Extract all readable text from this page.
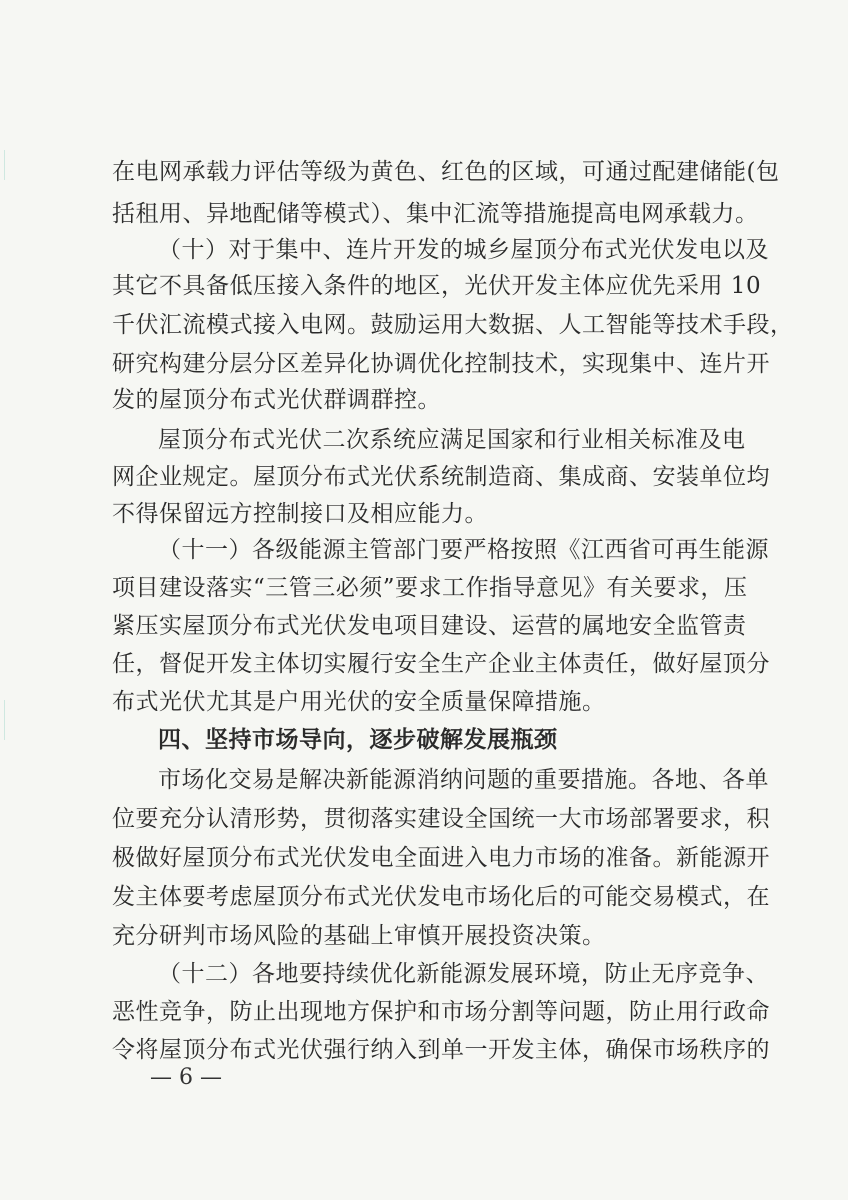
在电网承载力评估等级为黄色、红色的区域，可通过配建储能(包
括租用、异地配储等模式）、集中汇流等措施提高电网承载力。
（十）对于集中、连片开发的城乡屋顶分布式光伏发电以及
其它不具备低压接入条件的地区，光伏开发主体应优先采用 10
千伏汇流模式接入电网。鼓励运用大数据、人工智能等技术手段，
研究构建分层分区差异化协调优化控制技术，实现集中、连片开
发的屋顶分布式光伏群调群控。
屋顶分布式光伏二次系统应满足国家和行业相关标准及电
网企业规定。屋顶分布式光伏系统制造商、集成商、安装单位均
不得保留远方控制接口及相应能力。
（十一）各级能源主管部门要严格按照《江西省可再生能源
项目建设落实“三管三必须”要求工作指导意见》有关要求，压
紧压实屋顶分布式光伏发电项目建设、运营的属地安全监管责
任，督促开发主体切实履行安全生产企业主体责任，做好屋顶分
布式光伏尤其是户用光伏的安全质量保障措施。
四、坚持市场导向，逐步破解发展瓶颈
市场化交易是解决新能源消纳问题的重要措施。各地、各单
位要充分认清形势，贯彻落实建设全国统一大市场部署要求，积
极做好屋顶分布式光伏发电全面进入电力市场的准备。新能源开
发主体要考虑屋顶分布式光伏发电市场化后的可能交易模式，在
充分研判市场风险的基础上审慎开展投资决策。
（十二）各地要持续优化新能源发展环境，防止无序竞争、
恶性竞争，防止出现地方保护和市场分割等问题，防止用行政命
令将屋顶分布式光伏强行纳入到单一开发主体，确保市场秩序的
— 6 —
